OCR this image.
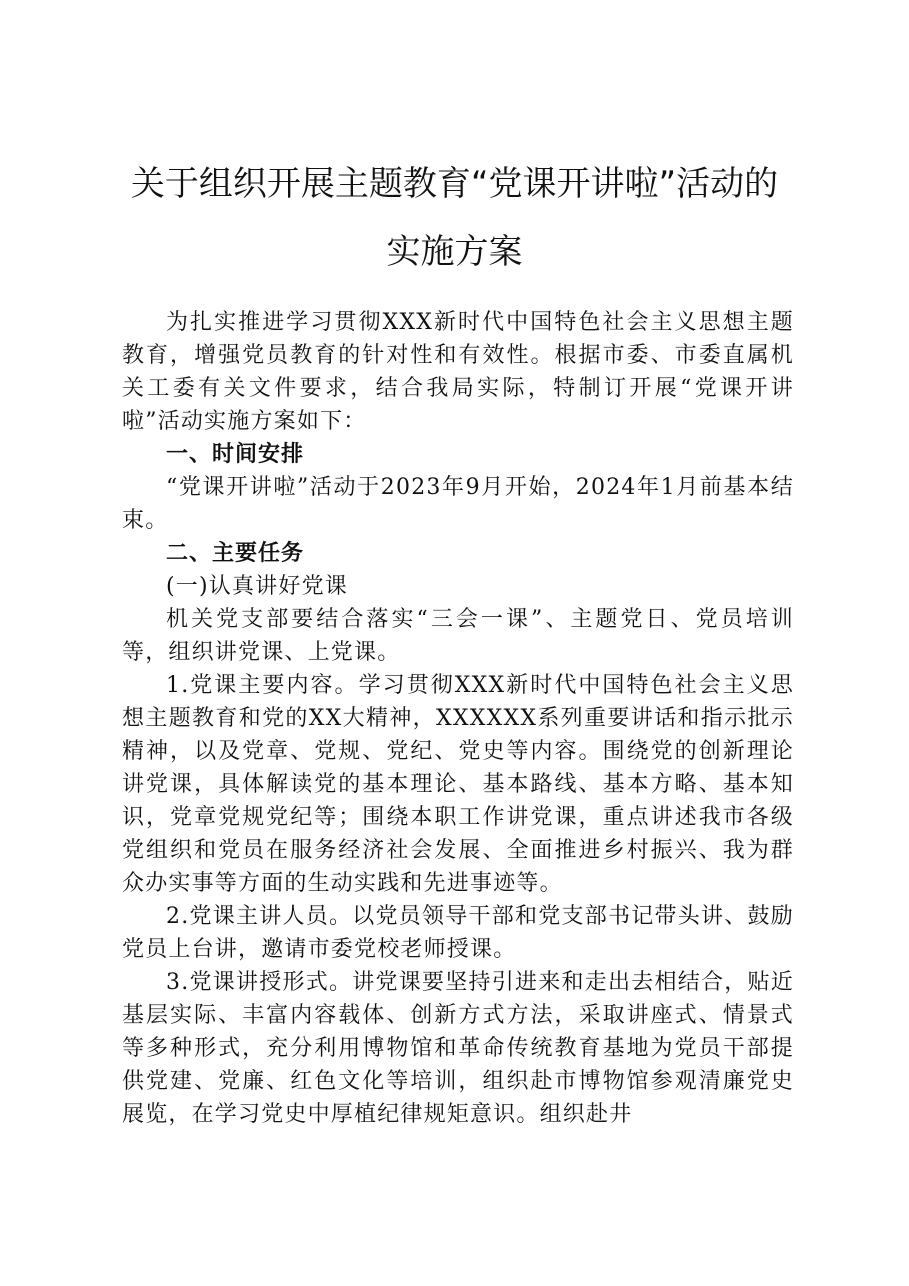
关于组织开展主题教育“党课开讲啦”活动的
实施方案

为扎实推进学习贯彻XXX新时代中国特色社会主义思想主题教育，增强党员教育的针对性和有效性。根据市委、市委直属机关工委有关文件要求，结合我局实际，特制订开展“党课开讲啦”活动实施方案如下：

一、时间安排

“党课开讲啦”活动于2023年9月开始，2024年1月前基本结束。

二、主要任务

(一)认真讲好党课

机关党支部要结合落实“三会一课”、主题党日、党员培训等，组织讲党课、上党课。

1.党课主要内容。学习贯彻XXX新时代中国特色社会主义思想主题教育和党的XX大精神，XXXXXX系列重要讲话和指示批示精神，以及党章、党规、党纪、党史等内容。围绕党的创新理论讲党课，具体解读党的基本理论、基本路线、基本方略、基本知识，党章党规党纪等；围绕本职工作讲党课，重点讲述我市各级党组织和党员在服务经济社会发展、全面推进乡村振兴、我为群众办实事等方面的生动实践和先进事迹等。

2.党课主讲人员。以党员领导干部和党支部书记带头讲、鼓励党员上台讲，邀请市委党校老师授课。

3.党课讲授形式。讲党课要坚持引进来和走出去相结合，贴近基层实际、丰富内容载体、创新方式方法，采取讲座式、情景式等多种形式，充分利用博物馆和革命传统教育基地为党员干部提供党建、党廉、红色文化等培训，组织赴市博物馆参观清廉党史展览，在学习党史中厚植纪律规矩意识。组织赴井
